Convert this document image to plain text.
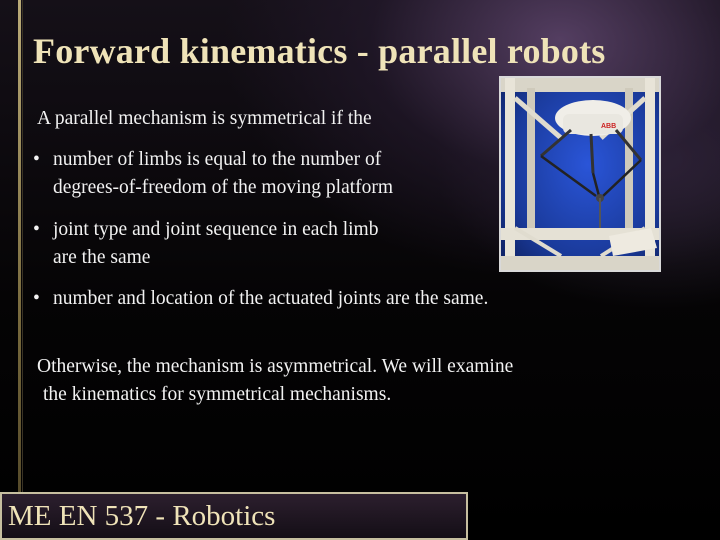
Forward kinematics - parallel robots
A parallel mechanism is symmetrical if the
• number of limbs is equal to the number of
degrees-of-freedom of the moving platform
• joint type and joint sequence in each limb
are the same
• number and location of the actuated joints are the same.
Otherwise, the mechanism is asymmetrical. We will examine
the kinematics for symmetrical mechanisms.
ABB
ME EN 537 - Robotics
